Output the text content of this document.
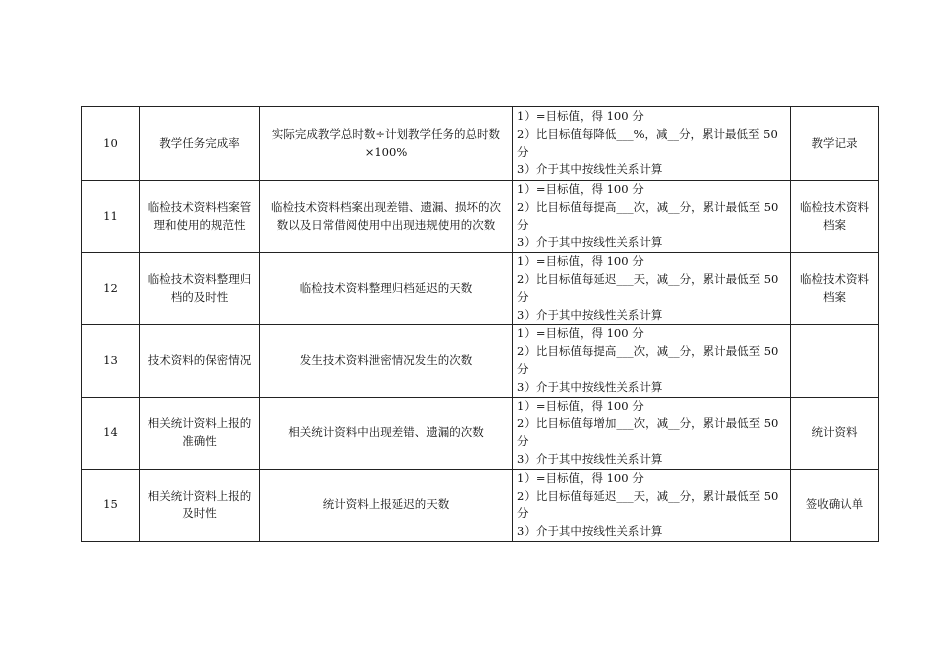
10	教学任务完成率	实际完成教学总时数÷计划教学任务的总时数×100%	1）=目标值，得 100 分
2）比目标值每降低___%，减__分，累计最低至 50 分
3）介于其中按线性关系计算	教学记录
11	临检技术资料档案管理和使用的规范性	临检技术资料档案出现差错、遗漏、损坏的次数以及日常借阅使用中出现违规使用的次数	1）=目标值，得 100 分
2）比目标值每提高___次，减__分，累计最低至 50 分
3）介于其中按线性关系计算	临检技术资料档案
12	临检技术资料整理归档的及时性	临检技术资料整理归档延迟的天数	1）=目标值，得 100 分
2）比目标值每延迟___天，减__分，累计最低至 50 分
3）介于其中按线性关系计算	临检技术资料档案
13	技术资料的保密情况	发生技术资料泄密情况发生的次数	1）=目标值，得 100 分
2）比目标值每提高___次，减__分，累计最低至 50 分
3）介于其中按线性关系计算	

14	相关统计资料上报的准确性	相关统计资料中出现差错、遗漏的次数	1）=目标值，得 100 分
2）比目标值每增加___次，减__分，累计最低至 50 分
3）介于其中按线性关系计算	统计资料
15	相关统计资料上报的及时性	统计资料上报延迟的天数	1）=目标值，得 100 分
2）比目标值每延迟___天，减__分，累计最低至 50 分
3）介于其中按线性关系计算	签收确认单
